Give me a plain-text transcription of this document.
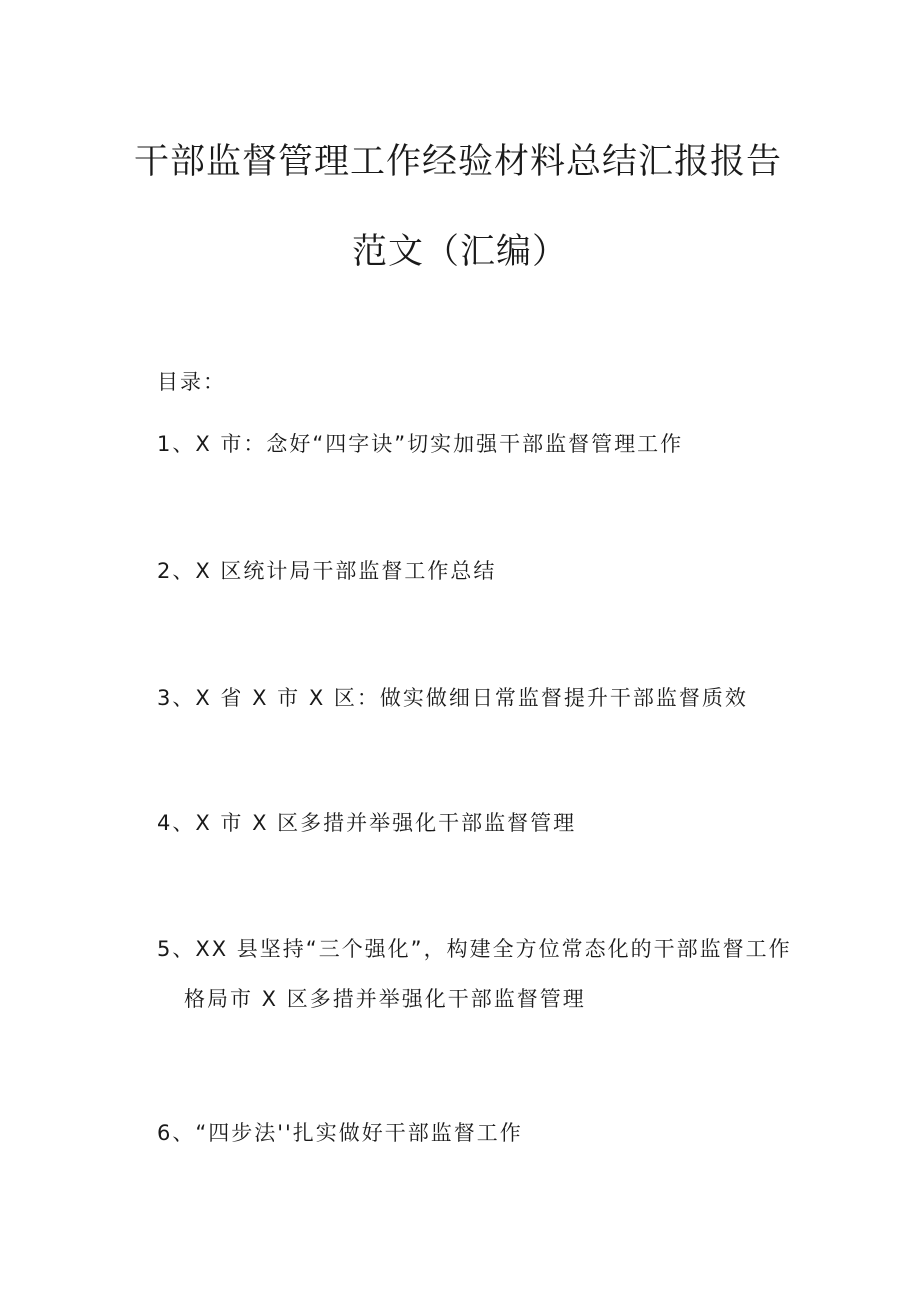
干部监督管理工作经验材料总结汇报报告
范文（汇编）
目录：
1、X 市：念好“四字诀”切实加强干部监督管理工作
2、X 区统计局干部监督工作总结
3、X 省 X 市 X 区：做实做细日常监督提升干部监督质效
4、X 市 X 区多措并举强化干部监督管理
5、XX 县坚持“三个强化”，构建全方位常态化的干部监督工作
格局市 X 区多措并举强化干部监督管理
6、“四步法''扎实做好干部监督工作
